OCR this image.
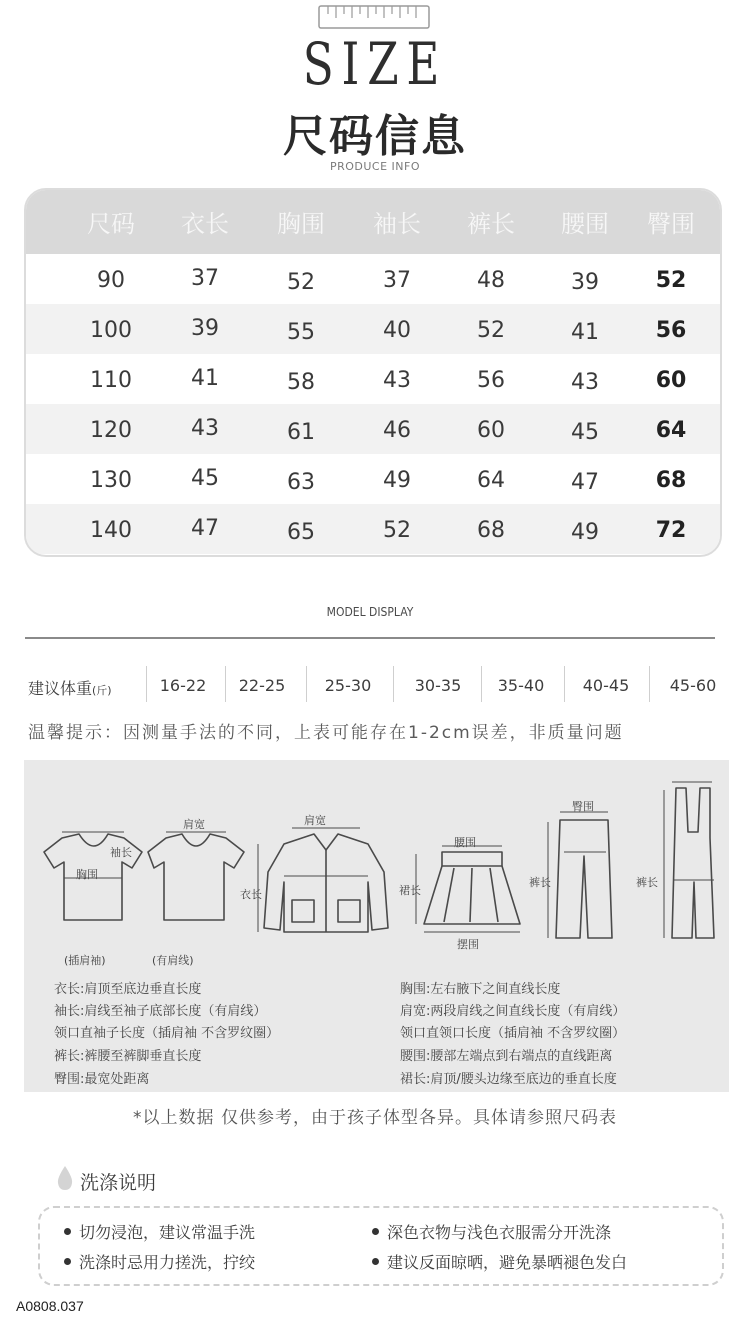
SIZE
尺码信息
PRODUCE INFO
尺码	衣长	胸围	袖长	裤长	腰围	臀围
90	37	52	37	48	39	52
100	39	55	40	52	41	56
110	41	58	43	56	43	60
120	43	61	46	60	45	64
130	45	63	49	64	47	68
140	47	65	52	68	49	72
MODEL DISPLAY
建议体重(斤)	16-22	22-25	25-30	30-35	35-40	40-45	45-60
温馨提示：因测量手法的不同，上表可能存在1-2cm误差，非质量问题
(插肩袖)	(有肩线)
胸围
肩宽
袖长
肩宽
衣长
腰围
裙长
摆围
臀围
裤长	裤长
衣长:肩顶至底边垂直长度
袖长:肩线至袖子底部长度（有肩线）
领口直袖子长度（插肩袖 不含罗纹圈）
裤长:裤腰至裤脚垂直长度
臀围:最宽处距离
胸围:左右腋下之间直线长度
肩宽:两段肩线之间直线长度（有肩线）
领口直领口长度（插肩袖 不含罗纹圈）
腰围:腰部左端点到右端点的直线距离
裙长:肩顶/腰头边缘至底边的垂直长度
*以上数据 仅供参考，由于孩子体型各异。具体请参照尺码表
洗涤说明
切勿浸泡，建议常温手洗	深色衣物与浅色衣服需分开洗涤
洗涤时忌用力搓洗，拧绞	建议反面晾晒，避免暴晒褪色发白
A0808.037
